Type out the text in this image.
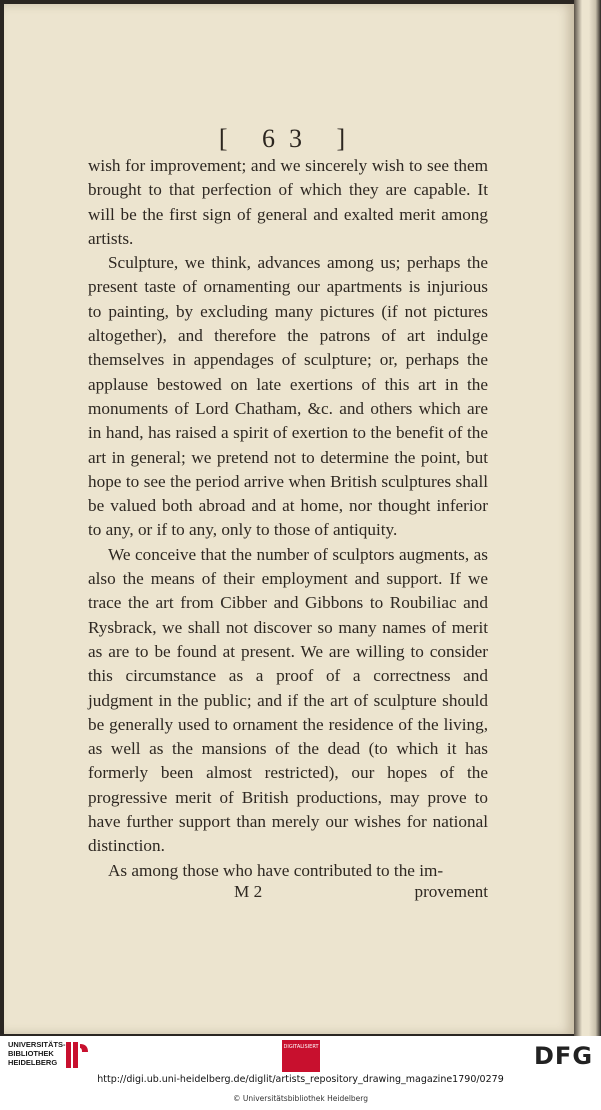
[ 63 ]

wish for improvement; and we sincerely wish to see them brought to that perfection of which they are capable. It will be the first sign of general and exalted merit among artists.

Sculpture, we think, advances among us; perhaps the present taste of ornamenting our apartments is injurious to painting, by excluding many pictures (if not pictures altogether), and therefore the patrons of art indulge themselves in appendages of sculpture; or, perhaps the applause bestowed on late exertions of this art in the monuments of Lord Chatham, &c. and others which are in hand, has raised a spirit of exertion to the benefit of the art in general; we pretend not to determine the point, but hope to see the period arrive when British sculptures shall be valued both abroad and at home, nor thought inferior to any, or if to any, only to those of antiquity.

We conceive that the number of sculptors augments, as also the means of their employment and support. If we trace the art from Cibber and Gibbons to Roubiliac and Rysbrack, we shall not discover so many names of merit as are to be found at present. We are willing to consider this circumstance as a proof of a correctness and judgment in the public; and if the art of sculpture should be generally used to ornament the residence of the living, as well as the mansions of the dead (to which it has formerly been almost restricted), our hopes of the progressive merit of British productions, may prove to have further support than merely our wishes for national distinction.

As among those who have contributed to the im-

M 2	provement
UNIVERSITÄTS-
BIBLIOTHEK
HEIDELBERG
DIGITALISIERT	DFG
http://digi.ub.uni-heidelberg.de/diglit/artists_repository_drawing_magazine1790/0279
© Universitätsbibliothek Heidelberg
